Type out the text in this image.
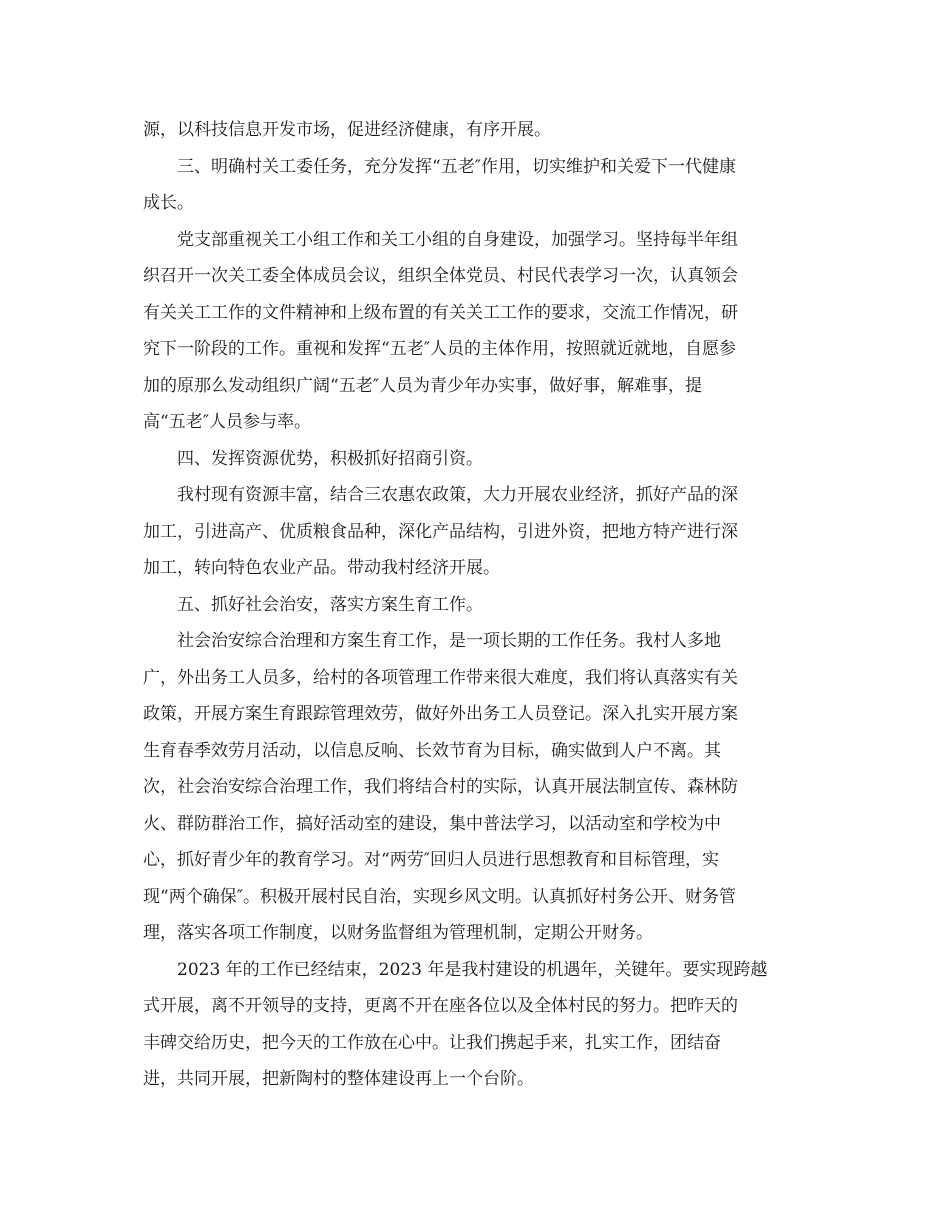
源，以科技信息开发市场，促进经济健康，有序开展。
三、明确村关工委任务，充分发挥“五老″作用，切实维护和关爱下一代健康
成长。
党支部重视关工小组工作和关工小组的自身建设，加强学习。坚持每半年组
织召开一次关工委全体成员会议，组织全体党员、村民代表学习一次，认真领会
有关关工工作的文件精神和上级布置的有关关工工作的要求，交流工作情况，研
究下一阶段的工作。重视和发挥“五老″人员的主体作用，按照就近就地，自愿参
加的原那么发动组织广阔“五老″人员为青少年办实事，做好事，解难事，提
高“五老″人员参与率。
四、发挥资源优势，积极抓好招商引资。
我村现有资源丰富，结合三农惠农政策，大力开展农业经济，抓好产品的深
加工，引进高产、优质粮食品种，深化产品结构，引进外资，把地方特产进行深
加工，转向特色农业产品。带动我村经济开展。
五、抓好社会治安，落实方案生育工作。
社会治安综合治理和方案生育工作，是一项长期的工作任务。我村人多地
广，外出务工人员多，给村的各项管理工作带来很大难度，我们将认真落实有关
政策，开展方案生育跟踪管理效劳，做好外出务工人员登记。深入扎实开展方案
生育春季效劳月活动，以信息反响、长效节育为目标，确实做到人户不离。其
次，社会治安综合治理工作，我们将结合村的实际，认真开展法制宣传、森林防
火、群防群治工作，搞好活动室的建设，集中普法学习，以活动室和学校为中
心，抓好青少年的教育学习。对“两劳″回归人员进行思想教育和目标管理，实
现“两个确保″。积极开展村民自治，实现乡风文明。认真抓好村务公开、财务管
理，落实各项工作制度，以财务监督组为管理机制，定期公开财务。
2023 年的工作已经结束，2023 年是我村建设的机遇年，关键年。要实现跨越
式开展，离不开领导的支持，更离不开在座各位以及全体村民的努力。把昨天的
丰碑交给历史，把今天的工作放在心中。让我们携起手来，扎实工作，团结奋
进，共同开展，把新陶村的整体建设再上一个台阶。
